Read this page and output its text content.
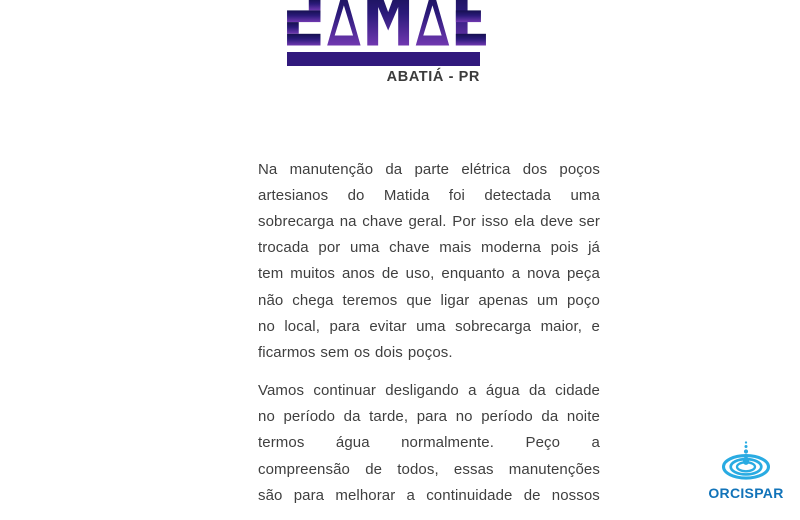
ABATIÁ - PR
Na manutenção da parte elétrica dos poços
artesianos do Matida foi detectada uma
sobrecarga na chave geral. Por isso ela deve ser
trocada por uma chave mais moderna pois já
tem muitos anos de uso, enquanto a nova peça
não chega teremos que ligar apenas um poço
no local, para evitar uma sobrecarga maior, e
ficarmos sem os dois poços.
Vamos continuar desligando a água da cidade
no período da tarde, para no período da noite
termos água normalmente. Peço a
compreensão de todos, essas manutenções
são para melhorar a continuidade de nossos	ORCISPAR
